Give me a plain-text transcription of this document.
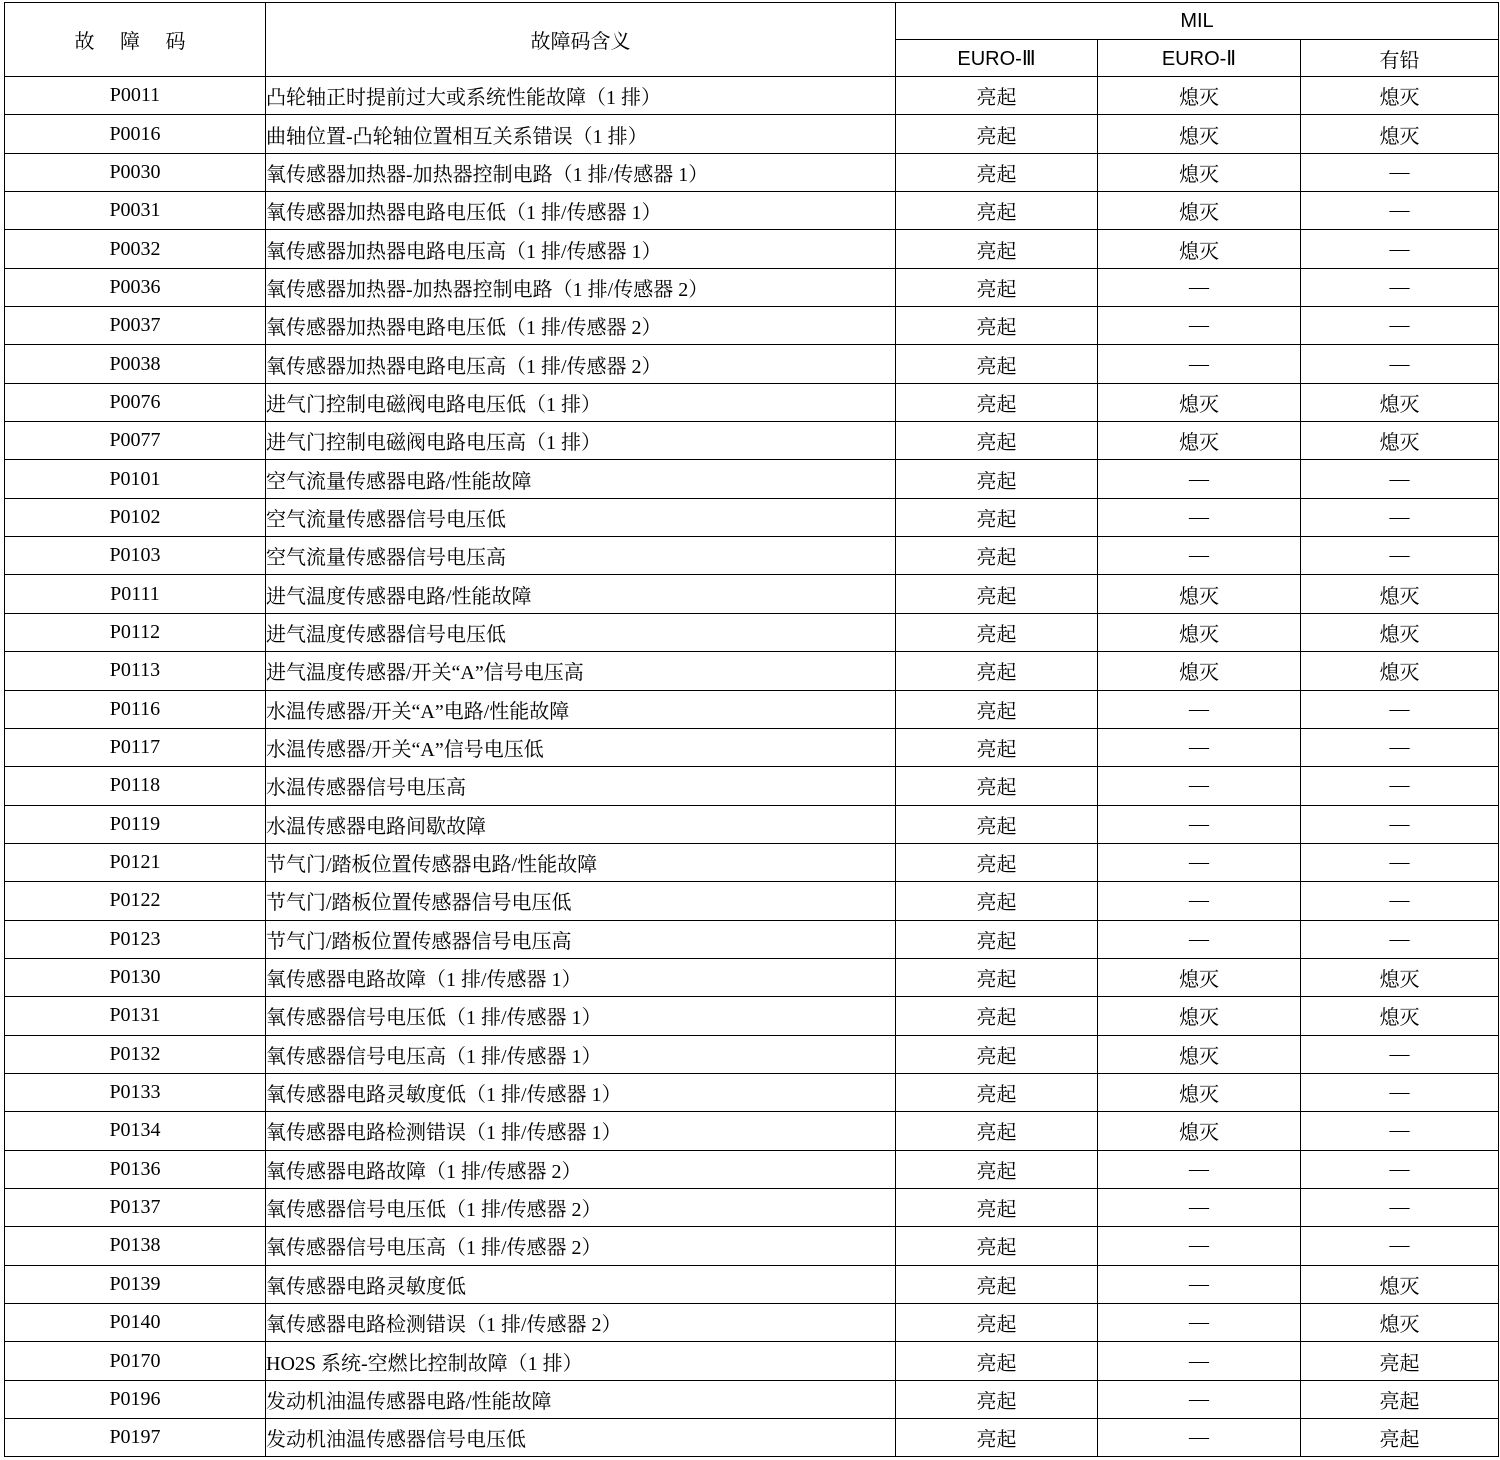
故 障 码	故障码含义	MIL		
		EURO-Ⅲ	EURO-Ⅱ	有铅
P0011	凸轮轴正时提前过大或系统性能故障（1 排）	亮起	熄灭	熄灭
P0016	曲轴位置-凸轮轴位置相互关系错误（1 排）	亮起	熄灭	熄灭
P0030	氧传感器加热器-加热器控制电路（1 排/传感器 1）	亮起	熄灭	—
P0031	氧传感器加热器电路电压低（1 排/传感器 1）	亮起	熄灭	—
P0032	氧传感器加热器电路电压高（1 排/传感器 1）	亮起	熄灭	—
P0036	氧传感器加热器-加热器控制电路（1 排/传感器 2）	亮起	—	—
P0037	氧传感器加热器电路电压低（1 排/传感器 2）	亮起	—	—
P0038	氧传感器加热器电路电压高（1 排/传感器 2）	亮起	—	—
P0076	进气门控制电磁阀电路电压低（1 排）	亮起	熄灭	熄灭
P0077	进气门控制电磁阀电路电压高（1 排）	亮起	熄灭	熄灭
P0101	空气流量传感器电路/性能故障	亮起	—	—
P0102	空气流量传感器信号电压低	亮起	—	—
P0103	空气流量传感器信号电压高	亮起	—	—
P0111	进气温度传感器电路/性能故障	亮起	熄灭	熄灭
P0112	进气温度传感器信号电压低	亮起	熄灭	熄灭
P0113	进气温度传感器/开关“A”信号电压高	亮起	熄灭	熄灭
P0116	水温传感器/开关“A”电路/性能故障	亮起	—	—
P0117	水温传感器/开关“A”信号电压低	亮起	—	—
P0118	水温传感器信号电压高	亮起	—	—
P0119	水温传感器电路间歇故障	亮起	—	—
P0121	节气门/踏板位置传感器电路/性能故障	亮起	—	—
P0122	节气门/踏板位置传感器信号电压低	亮起	—	—
P0123	节气门/踏板位置传感器信号电压高	亮起	—	—
P0130	氧传感器电路故障（1 排/传感器 1）	亮起	熄灭	熄灭
P0131	氧传感器信号电压低（1 排/传感器 1）	亮起	熄灭	熄灭
P0132	氧传感器信号电压高（1 排/传感器 1）	亮起	熄灭	—
P0133	氧传感器电路灵敏度低（1 排/传感器 1）	亮起	熄灭	—
P0134	氧传感器电路检测错误（1 排/传感器 1）	亮起	熄灭	—
P0136	氧传感器电路故障（1 排/传感器 2）	亮起	—	—
P0137	氧传感器信号电压低（1 排/传感器 2）	亮起	—	—
P0138	氧传感器信号电压高（1 排/传感器 2）	亮起	—	—
P0139	氧传感器电路灵敏度低	亮起	—	熄灭
P0140	氧传感器电路检测错误（1 排/传感器 2）	亮起	—	熄灭
P0170	HO2S 系统-空燃比控制故障（1 排）	亮起	—	亮起
P0196	发动机油温传感器电路/性能故障	亮起	—	亮起
P0197	发动机油温传感器信号电压低	亮起	—	亮起
